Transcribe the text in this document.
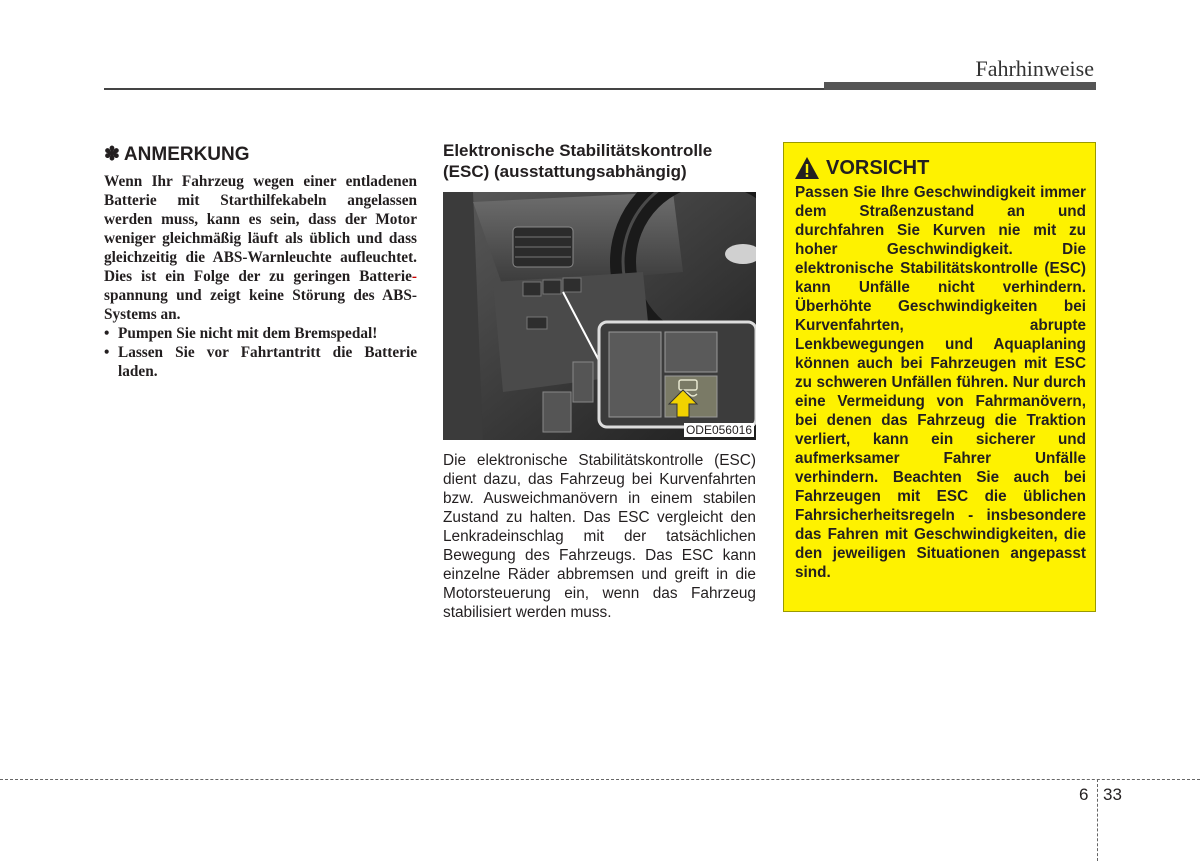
Fahrhinweise
✽ ANMERKUNG

Wenn Ihr Fahrzeug wegen einer entladenen Batterie mit Starthilfekabeln angelassen werden muss, kann es sein, dass der Motor weniger gleichmäßig läuft als üblich und dass gleichzeitig die ABS-Warnleuchte aufleuchtet. Dies ist ein Folge der zu geringen Batterie-spannung und zeigt keine Störung des ABS-Systems an.

• Pumpen Sie nicht mit dem Bremspedal!
• Lassen Sie vor Fahrtantritt die Batterie laden.
Elektronische Stabilitätskontrolle (ESC) (ausstattungsabhängig)
ODE056016
Die elektronische Stabilitätskontrolle (ESC) dient dazu, das Fahrzeug bei Kurvenfahrten bzw. Ausweichmanövern in einem stabilen Zustand zu halten. Das ESC vergleicht den Lenkradeinschlag mit der tatsächlichen Bewegung des Fahrzeugs. Das ESC kann einzelne Räder abbremsen und greift in die Motorsteuerung ein, wenn das Fahrzeug stabilisiert werden muss.
VORSICHT

Passen Sie Ihre Geschwindigkeit immer dem Straßenzustand an und durchfahren Sie Kurven nie mit zu hoher Geschwindigkeit. Die elektronische Stabilitätskontrolle (ESC) kann Unfälle nicht verhindern. Überhöhte Geschwindigkeiten bei Kurvenfahrten, abrupte Lenkbewegungen und Aquaplaning können auch bei Fahrzeugen mit ESC zu schweren Unfällen führen. Nur durch eine Vermeidung von Fahrmanövern, bei denen das Fahrzeug die Traktion verliert, kann ein sicherer und aufmerksamer Fahrer Unfälle verhindern. Beachten Sie auch bei Fahrzeugen mit ESC die üblichen Fahrsicherheitsregeln - insbesondere das Fahren mit Geschwindigkeiten, die den jeweiligen Situationen angepasst sind.

6 33
